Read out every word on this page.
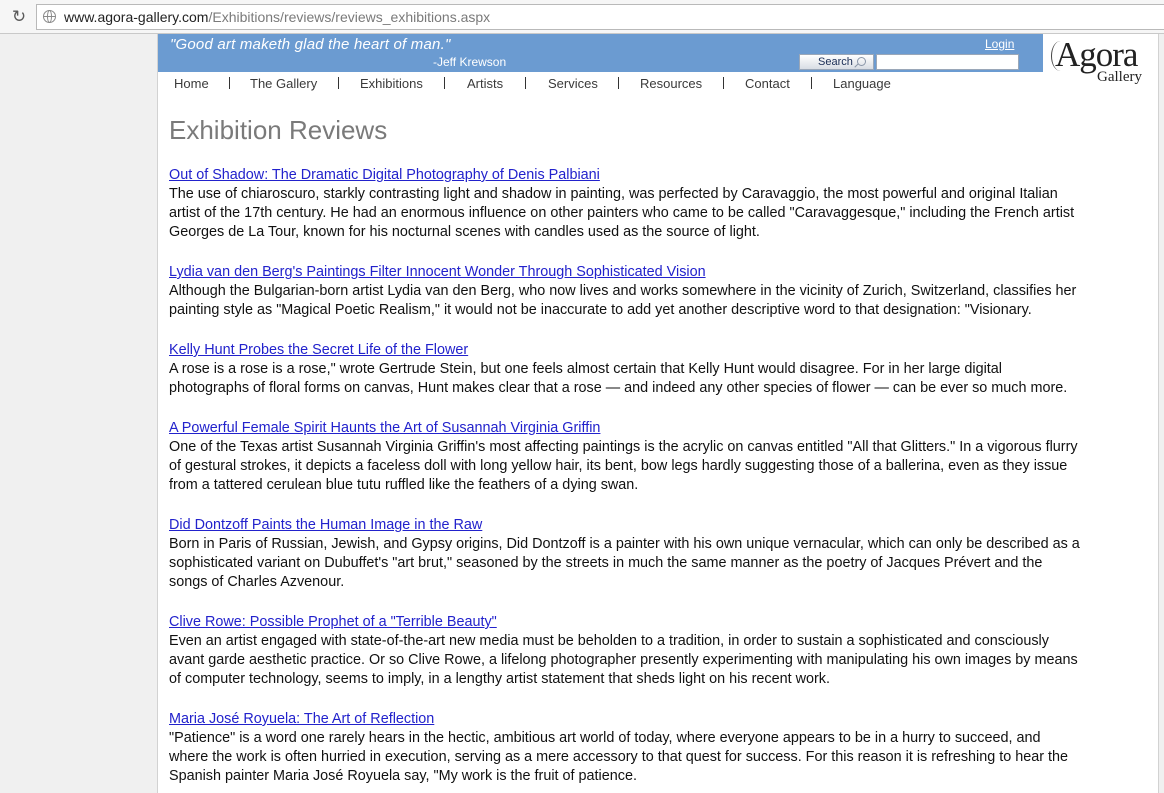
↻	www.agora-gallery.com/Exhibitions/reviews/reviews_exhibitions.aspx
"Good art maketh glad the heart of man."
-Jeff Krewson
Login
Search	Agora
Gallery
Home	The Gallery	Exhibitions	Artists	Services	Resources	Contact	Language
Exhibition Reviews
Out of Shadow: The Dramatic Digital Photography of Denis Palbiani

The use of chiaroscuro, starkly contrasting light and shadow in painting, was perfected by Caravaggio, the most powerful and original Italian
artist of the 17th century. He had an enormous influence on other painters who came to be called "Caravaggesque," including the French artist
Georges de La Tour, known for his nocturnal scenes with candles used as the source of light.

Lydia van den Berg's Paintings Filter Innocent Wonder Through Sophisticated Vision

Although the Bulgarian-born artist Lydia van den Berg, who now lives and works somewhere in the vicinity of Zurich, Switzerland, classifies her
painting style as "Magical Poetic Realism," it would not be inaccurate to add yet another descriptive word to that designation: "Visionary.

Kelly Hunt Probes the Secret Life of the Flower

A rose is a rose is a rose," wrote Gertrude Stein, but one feels almost certain that Kelly Hunt would disagree. For in her large digital
photographs of floral forms on canvas, Hunt makes clear that a rose — and indeed any other species of flower — can be ever so much more.

A Powerful Female Spirit Haunts the Art of Susannah Virginia Griffin

One of the Texas artist Susannah Virginia Griffin's most affecting paintings is the acrylic on canvas entitled "All that Glitters." In a vigorous flurry
of gestural strokes, it depicts a faceless doll with long yellow hair, its bent, bow legs hardly suggesting those of a ballerina, even as they issue
from a tattered cerulean blue tutu ruffled like the feathers of a dying swan.

Did Dontzoff Paints the Human Image in the Raw

Born in Paris of Russian, Jewish, and Gypsy origins, Did Dontzoff is a painter with his own unique vernacular, which can only be described as a
sophisticated variant on Dubuffet's "art brut," seasoned by the streets in much the same manner as the poetry of Jacques Prévert and the
songs of Charles Azvenour.

Clive Rowe: Possible Prophet of a "Terrible Beauty"

Even an artist engaged with state-of-the-art new media must be beholden to a tradition, in order to sustain a sophisticated and consciously
avant garde aesthetic practice. Or so Clive Rowe, a lifelong photographer presently experimenting with manipulating his own images by means
of computer technology, seems to imply, in a lengthy artist statement that sheds light on his recent work.

Maria José Royuela: The Art of Reflection

"Patience" is a word one rarely hears in the hectic, ambitious art world of today, where everyone appears to be in a hurry to succeed, and
where the work is often hurried in execution, serving as a mere accessory to that quest for success. For this reason it is refreshing to hear the
Spanish painter Maria José Royuela say, "My work is the fruit of patience.
